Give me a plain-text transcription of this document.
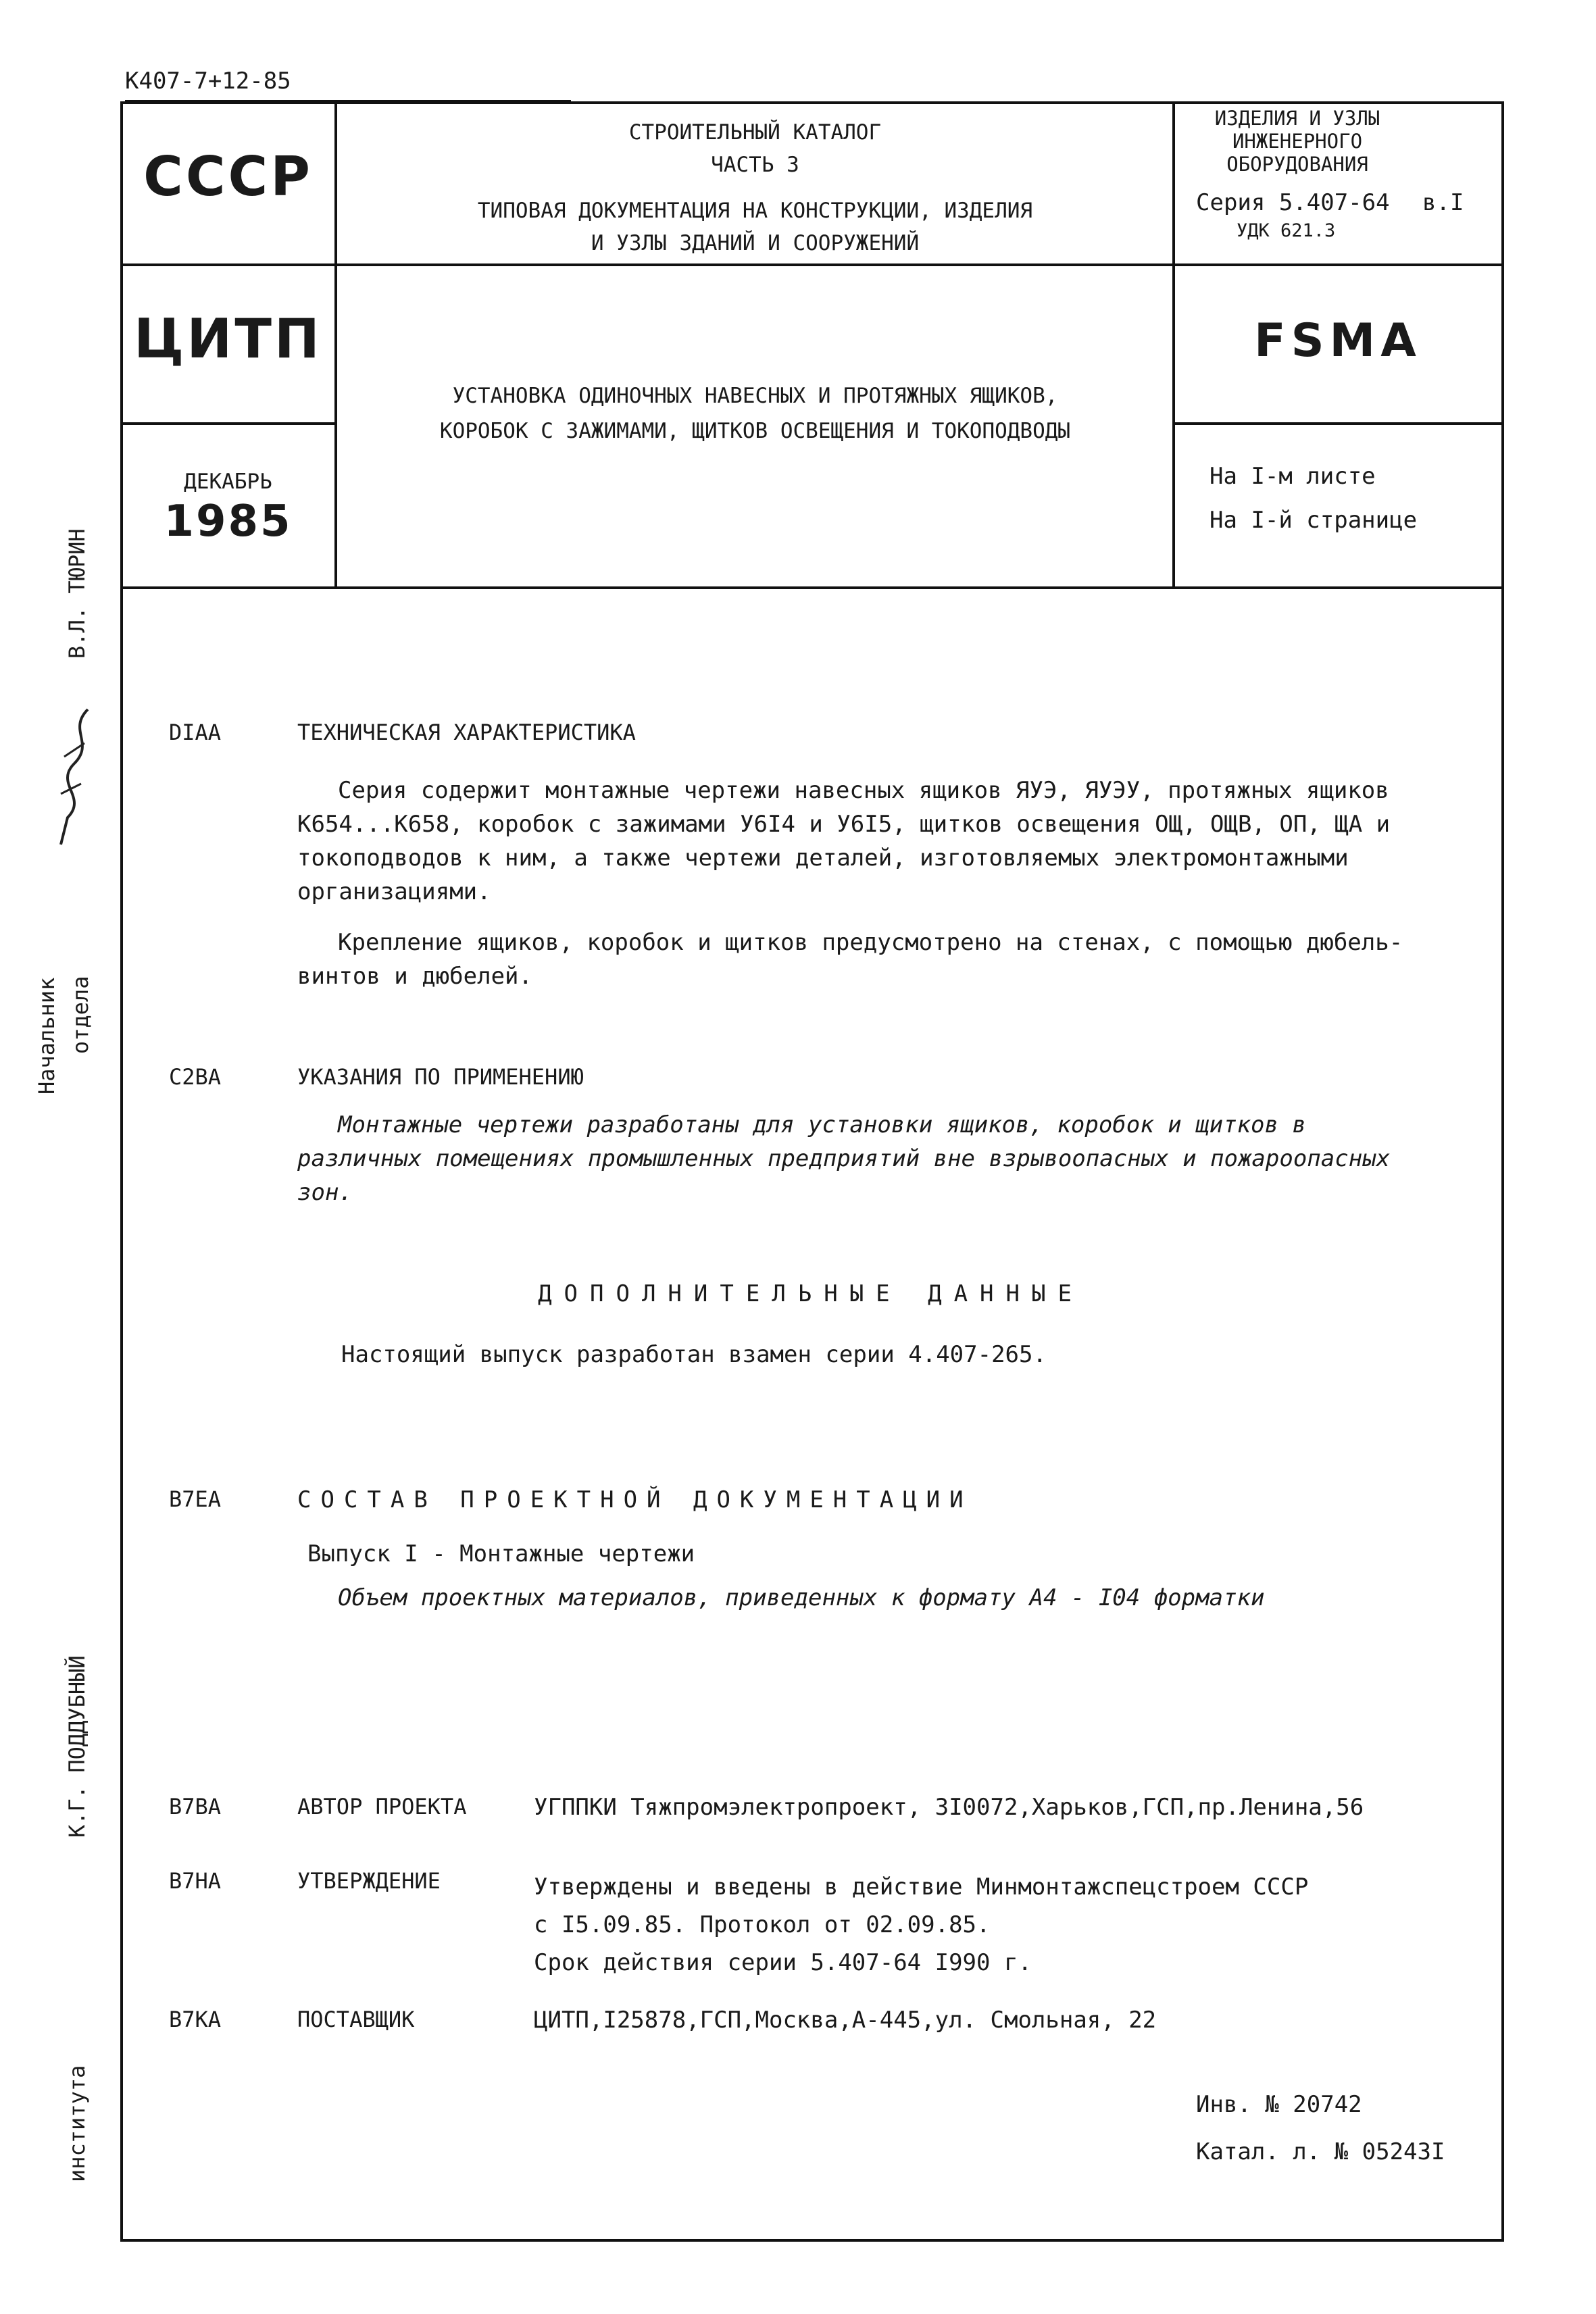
К407-7+12-85
СССР
ЦИТП
ДЕКАБРЬ
1985
СТРОИТЕЛЬНЫЙ КАТАЛОГ
ЧАСТЬ 3
ТИПОВАЯ ДОКУМЕНТАЦИЯ НА КОНСТРУКЦИИ, ИЗДЕЛИЯ
И УЗЛЫ ЗДАНИЙ И СООРУЖЕНИЙ
УСТАНОВКА ОДИНОЧНЫХ НАВЕСНЫХ И ПРОТЯЖНЫХ ЯЩИКОВ,
КОРОБОК С ЗАЖИМАМИ, ЩИТКОВ ОСВЕЩЕНИЯ И ТОКОПОДВОДЫ
ИЗДЕЛИЯ И УЗЛЫ
ИНЖЕНЕРНОГО
ОБОРУДОВАНИЯ
Серия 5.407-64 в.I
УДК 621.3
FSMA
На I-м листе
На I-й странице
В.Л. ТЮРИН
Начальник отдела
К.Г. ПОДДУБНЫЙ
института
DIAA	ТЕХНИЧЕСКАЯ ХАРАКТЕРИСТИКА
Серия содержит монтажные чертежи навесных ящиков ЯУЭ, ЯУЭУ, протяжных ящиков К654...К658, коробок с зажимами У6I4 и У6I5, щитков освещения ОЩ, ОЩВ, ОП, ЩА и токоподводов к ним, а также чертежи деталей, изготовляемых электромонтажными организациями.
Крепление ящиков, коробок и щитков предусмотрено на стенах, с помощью дюбель-винтов и дюбелей.
C2BA	УКАЗАНИЯ ПО ПРИМЕНЕНИЮ
Монтажные чертежи разработаны для установки ящиков, коробок и щитков в различных помещениях промышленных предприятий вне взрывоопасных и пожароопасных зон.
ДОПОЛНИТЕЛЬНЫЕ ДАННЫЕ
Настоящий выпуск разработан взамен серии 4.407-265.
B7EA	СОСТАВ ПРОЕКТНОЙ ДОКУМЕНТАЦИИ
Выпуск I - Монтажные чертежи
Объем проектных материалов, приведенных к формату А4 - I04 форматки
B7BA	АВТОР ПРОЕКТА	УГППКИ Тяжпромэлектропроект, 3I0072,Харьков,ГСП,пр.Ленина,56
B7HA	УТВЕРЖДЕНИЕ	Утверждены и введены в действие Минмонтажспецстроем СССР
с I5.09.85. Протокол от 02.09.85.
Срок действия серии 5.407-64 I990 г.
B7KA	ПОСТАВЩИК	ЦИТП,I25878,ГСП,Москва,А-445,ул. Смольная, 22
Инв. № 20742
Катал. л. № 05243I
